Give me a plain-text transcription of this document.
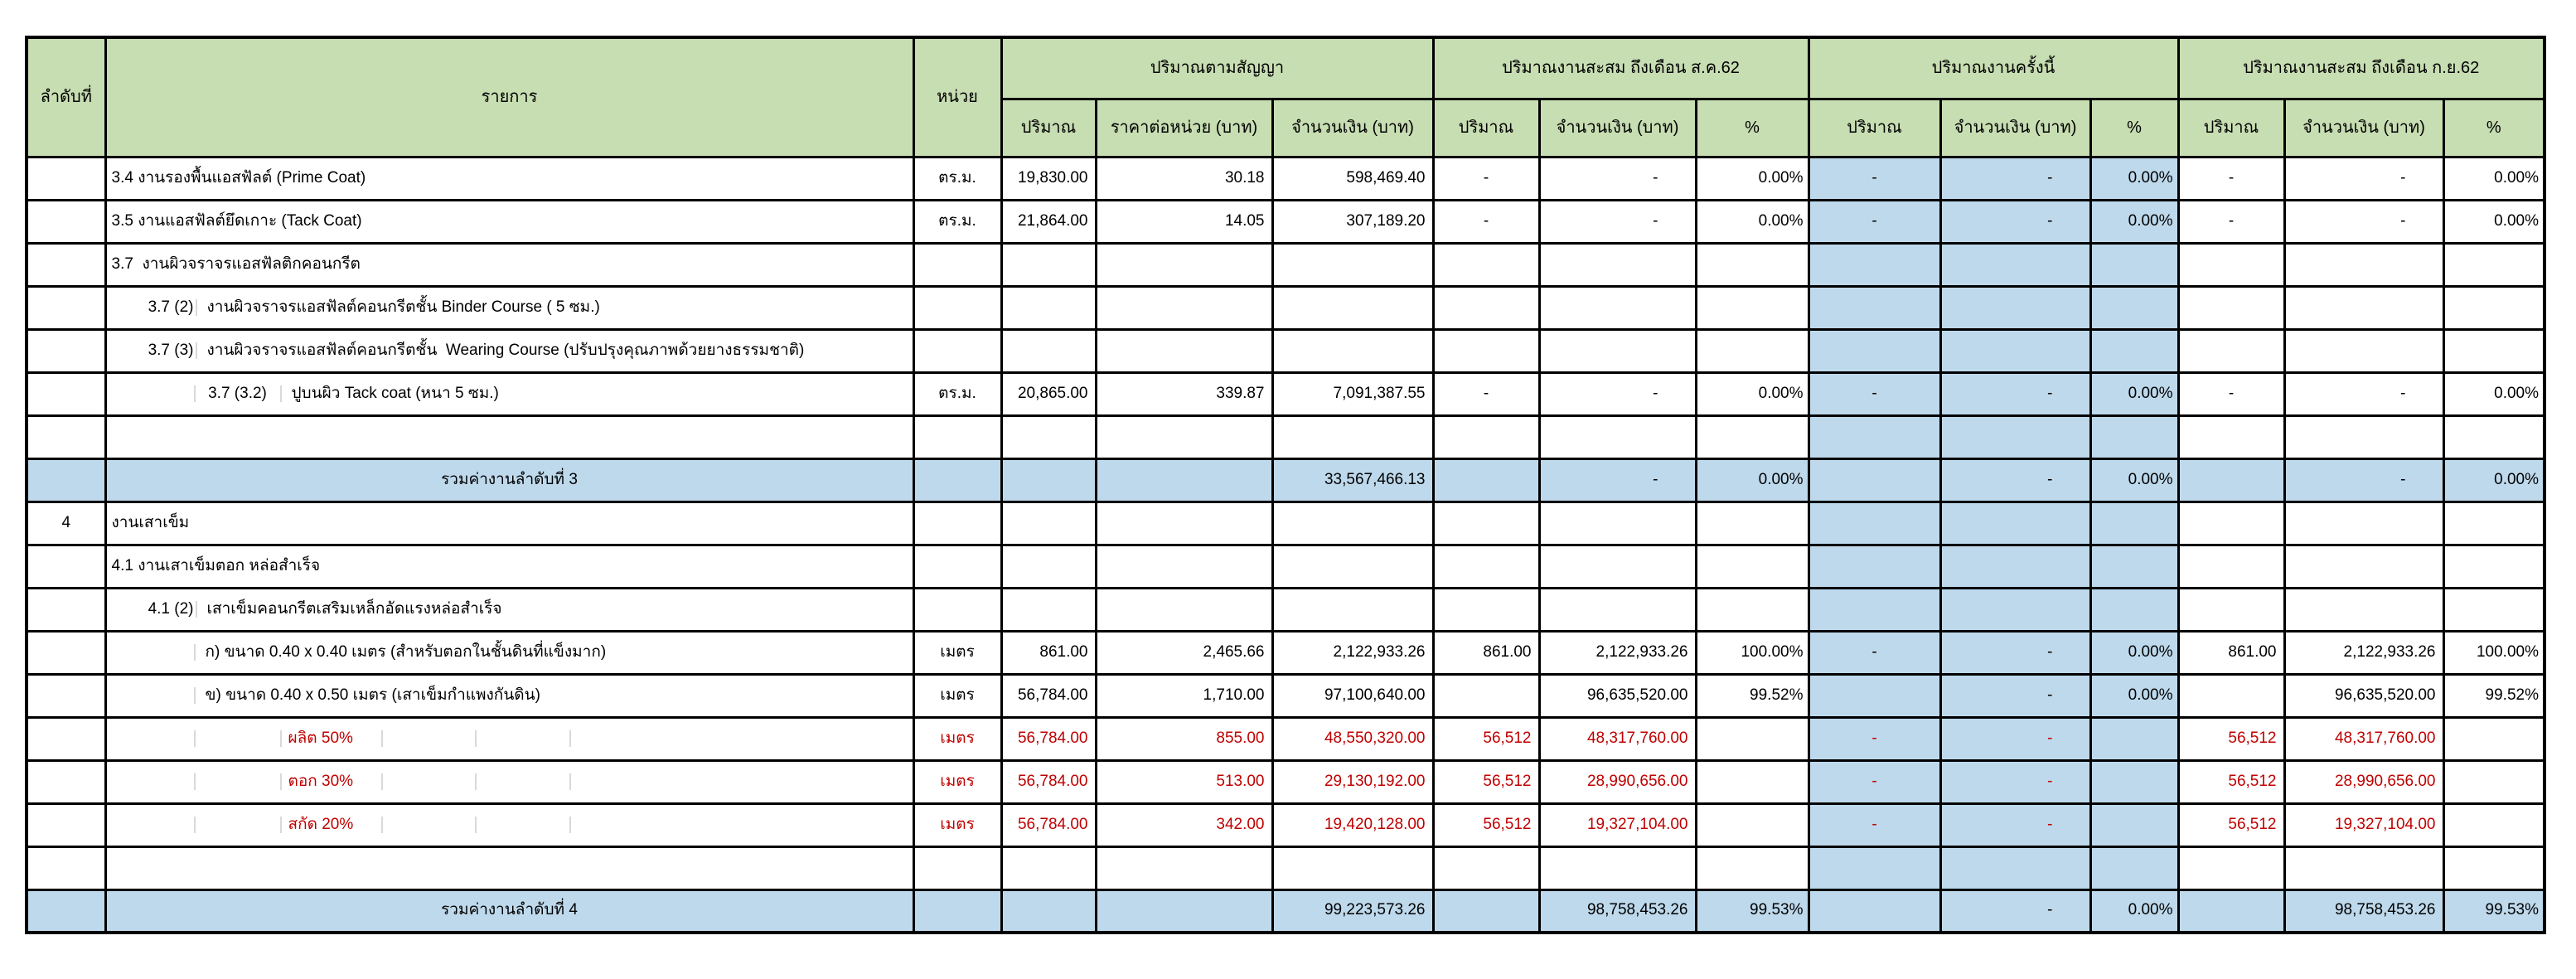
ลำดับที่	รายการ	หน่วย	ปริมาณตามสัญญา			ปริมาณงานสะสม ถึงเดือน ส.ค.62			ปริมาณงานครั้งนี้			ปริมาณงานสะสม ถึงเดือน ก.ย.62		
			ปริมาณ	ราคาต่อหน่วย (บาท)	จำนวนเงิน (บาท)	ปริมาณ	จำนวนเงิน (บาท)	%	ปริมาณ	จำนวนเงิน (บาท)	%	ปริมาณ	จำนวนเงิน (บาท)	%

3.4 งานรองพื้นแอสฟัลต์ (Prime Coat)	ตร.ม.	19,830.00	30.18	598,469.40	-	-	0.00%	-	-	0.00%	-	-	0.00%

3.5 งานแอสฟัลต์ยึดเกาะ (Tack Coat)	ตร.ม.	21,864.00	14.05	307,189.20	-	-	0.00%	-	-	0.00%	-	-	0.00%

3.7  งานผิวจราจรแอสฟัลติกคอนกรีต													

3.7 (2) งานผิวจราจรแอสฟัลต์คอนกรีตชั้น Binder Course ( 5 ซม.)													

3.7 (3) งานผิวจราจรแอสฟัลต์คอนกรีตชั้น  Wearing Course (ปรับปรุงคุณภาพด้วยยางธรรมชาติ)													

3.7 (3.2) ปูบนผิว Tack coat (หนา 5 ซม.)	ตร.ม.	20,865.00	339.87	7,091,387.55	-	-	0.00%	-	-	0.00%	-	-	0.00%

รวมค่างานลำดับที่ 3				33,567,466.13		-	0.00%		-	0.00%		-	0.00%
4	งานเสาเข็ม													

4.1 งานเสาเข็มตอก หล่อสำเร็จ													

4.1 (2) เสาเข็มคอนกรีตเสริมเหล็กอัดแรงหล่อสำเร็จ													

ก) ขนาด 0.40 x 0.40 เมตร (สำหรับตอกในชั้นดินที่แข็งมาก)	เมตร	861.00	2,465.66	2,122,933.26	861.00	2,122,933.26	100.00%	-	-	0.00%	861.00	2,122,933.26	100.00%

ข) ขนาด 0.40 x 0.50 เมตร (เสาเข็มกำแพงกันดิน)	เมตร	56,784.00	1,710.00	97,100,640.00		96,635,520.00	99.52%		-	0.00%		96,635,520.00	99.52%

ผลิต 50%	เมตร	56,784.00	855.00	48,550,320.00	56,512	48,317,760.00		-	-		56,512	48,317,760.00	

ตอก 30%	เมตร	56,784.00	513.00	29,130,192.00	56,512	28,990,656.00		-	-		56,512	28,990,656.00	

สกัด 20%	เมตร	56,784.00	342.00	19,420,128.00	56,512	19,327,104.00		-	-		56,512	19,327,104.00	

รวมค่างานลำดับที่ 4				99,223,573.26		98,758,453.26	99.53%		-	0.00%		98,758,453.26	99.53%
